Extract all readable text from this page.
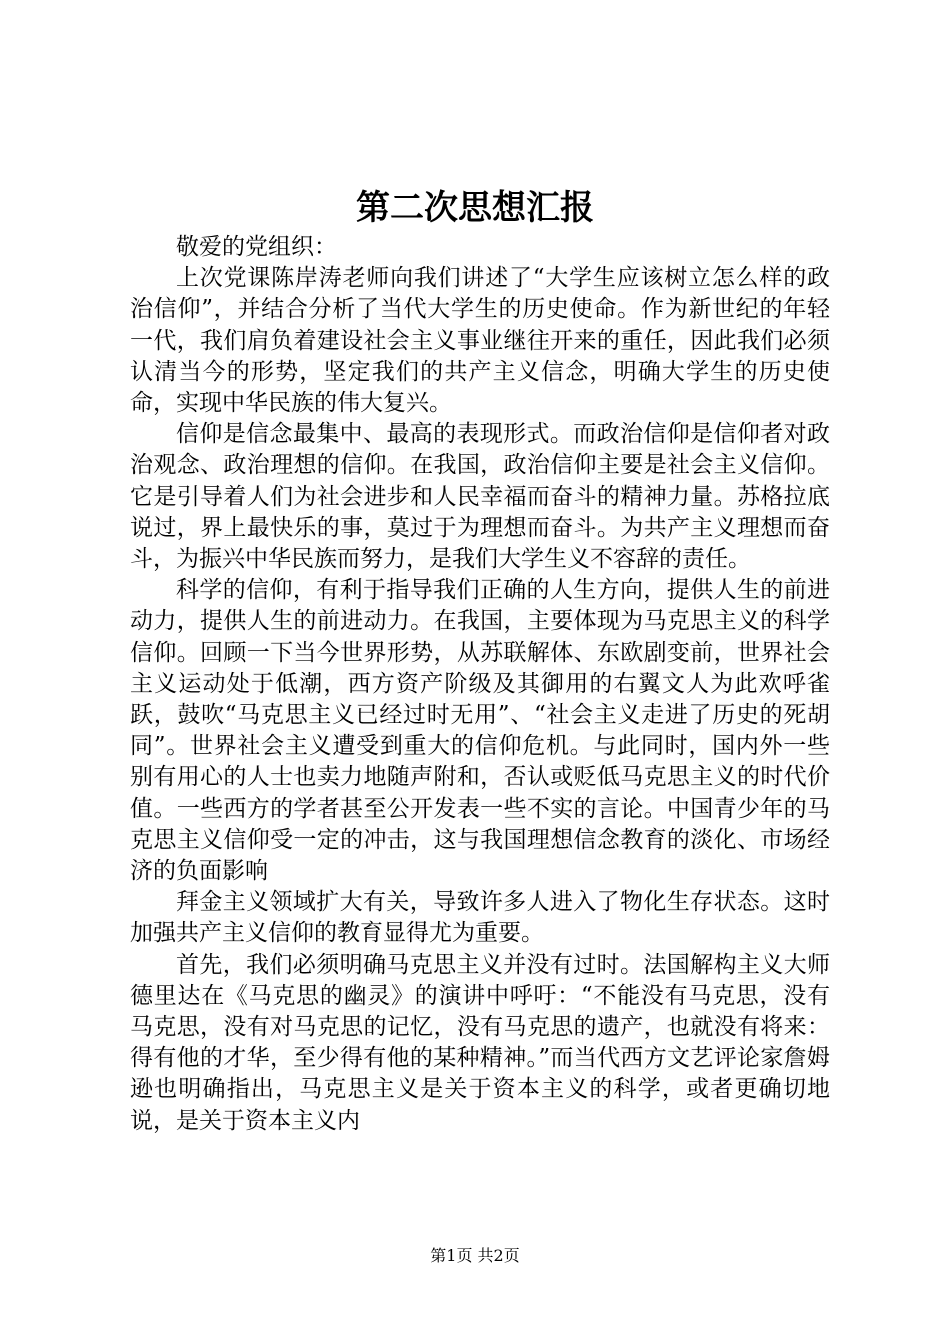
第二次思想汇报

敬爱的党组织：

上次党课陈岸涛老师向我们讲述了“大学生应该树立怎么样的政治信仰”，并结合分析了当代大学生的历史使命。作为新世纪的年轻一代，我们肩负着建设社会主义事业继往开来的重任，因此我们必须认清当今的形势，坚定我们的共产主义信念，明确大学生的历史使命，实现中华民族的伟大复兴。

信仰是信念最集中、最高的表现形式。而政治信仰是信仰者对政治观念、政治理想的信仰。在我国，政治信仰主要是社会主义信仰。它是引导着人们为社会进步和人民幸福而奋斗的精神力量。苏格拉底说过，界上最快乐的事，莫过于为理想而奋斗。为共产主义理想而奋斗，为振兴中华民族而努力，是我们大学生义不容辞的责任。

科学的信仰，有利于指导我们正确的人生方向，提供人生的前进动力，提供人生的前进动力。在我国，主要体现为马克思主义的科学信仰。回顾一下当今世界形势，从苏联解体、东欧剧变前，世界社会主义运动处于低潮，西方资产阶级及其御用的右翼文人为此欢呼雀跃，鼓吹“马克思主义已经过时无用”、“社会主义走进了历史的死胡同”。世界社会主义遭受到重大的信仰危机。与此同时，国内外一些别有用心的人士也卖力地随声附和，否认或贬低马克思主义的时代价值。一些西方的学者甚至公开发表一些不实的言论。中国青少年的马克思主义信仰受一定的冲击，这与我国理想信念教育的淡化、市场经济的负面影响

拜金主义领域扩大有关，导致许多人进入了物化生存状态。这时加强共产主义信仰的教育显得尤为重要。

首先，我们必须明确马克思主义并没有过时。法国解构主义大师德里达在《马克思的幽灵》的演讲中呼吁：“不能没有马克思，没有马克思，没有对马克思的记忆，没有马克思的遗产，也就没有将来：得有他的才华，至少得有他的某种精神。”而当代西方文艺评论家詹姆逊也明确指出，马克思主义是关于资本主义的科学，或者更确切地说，是关于资本主义内

第1页 共2页
